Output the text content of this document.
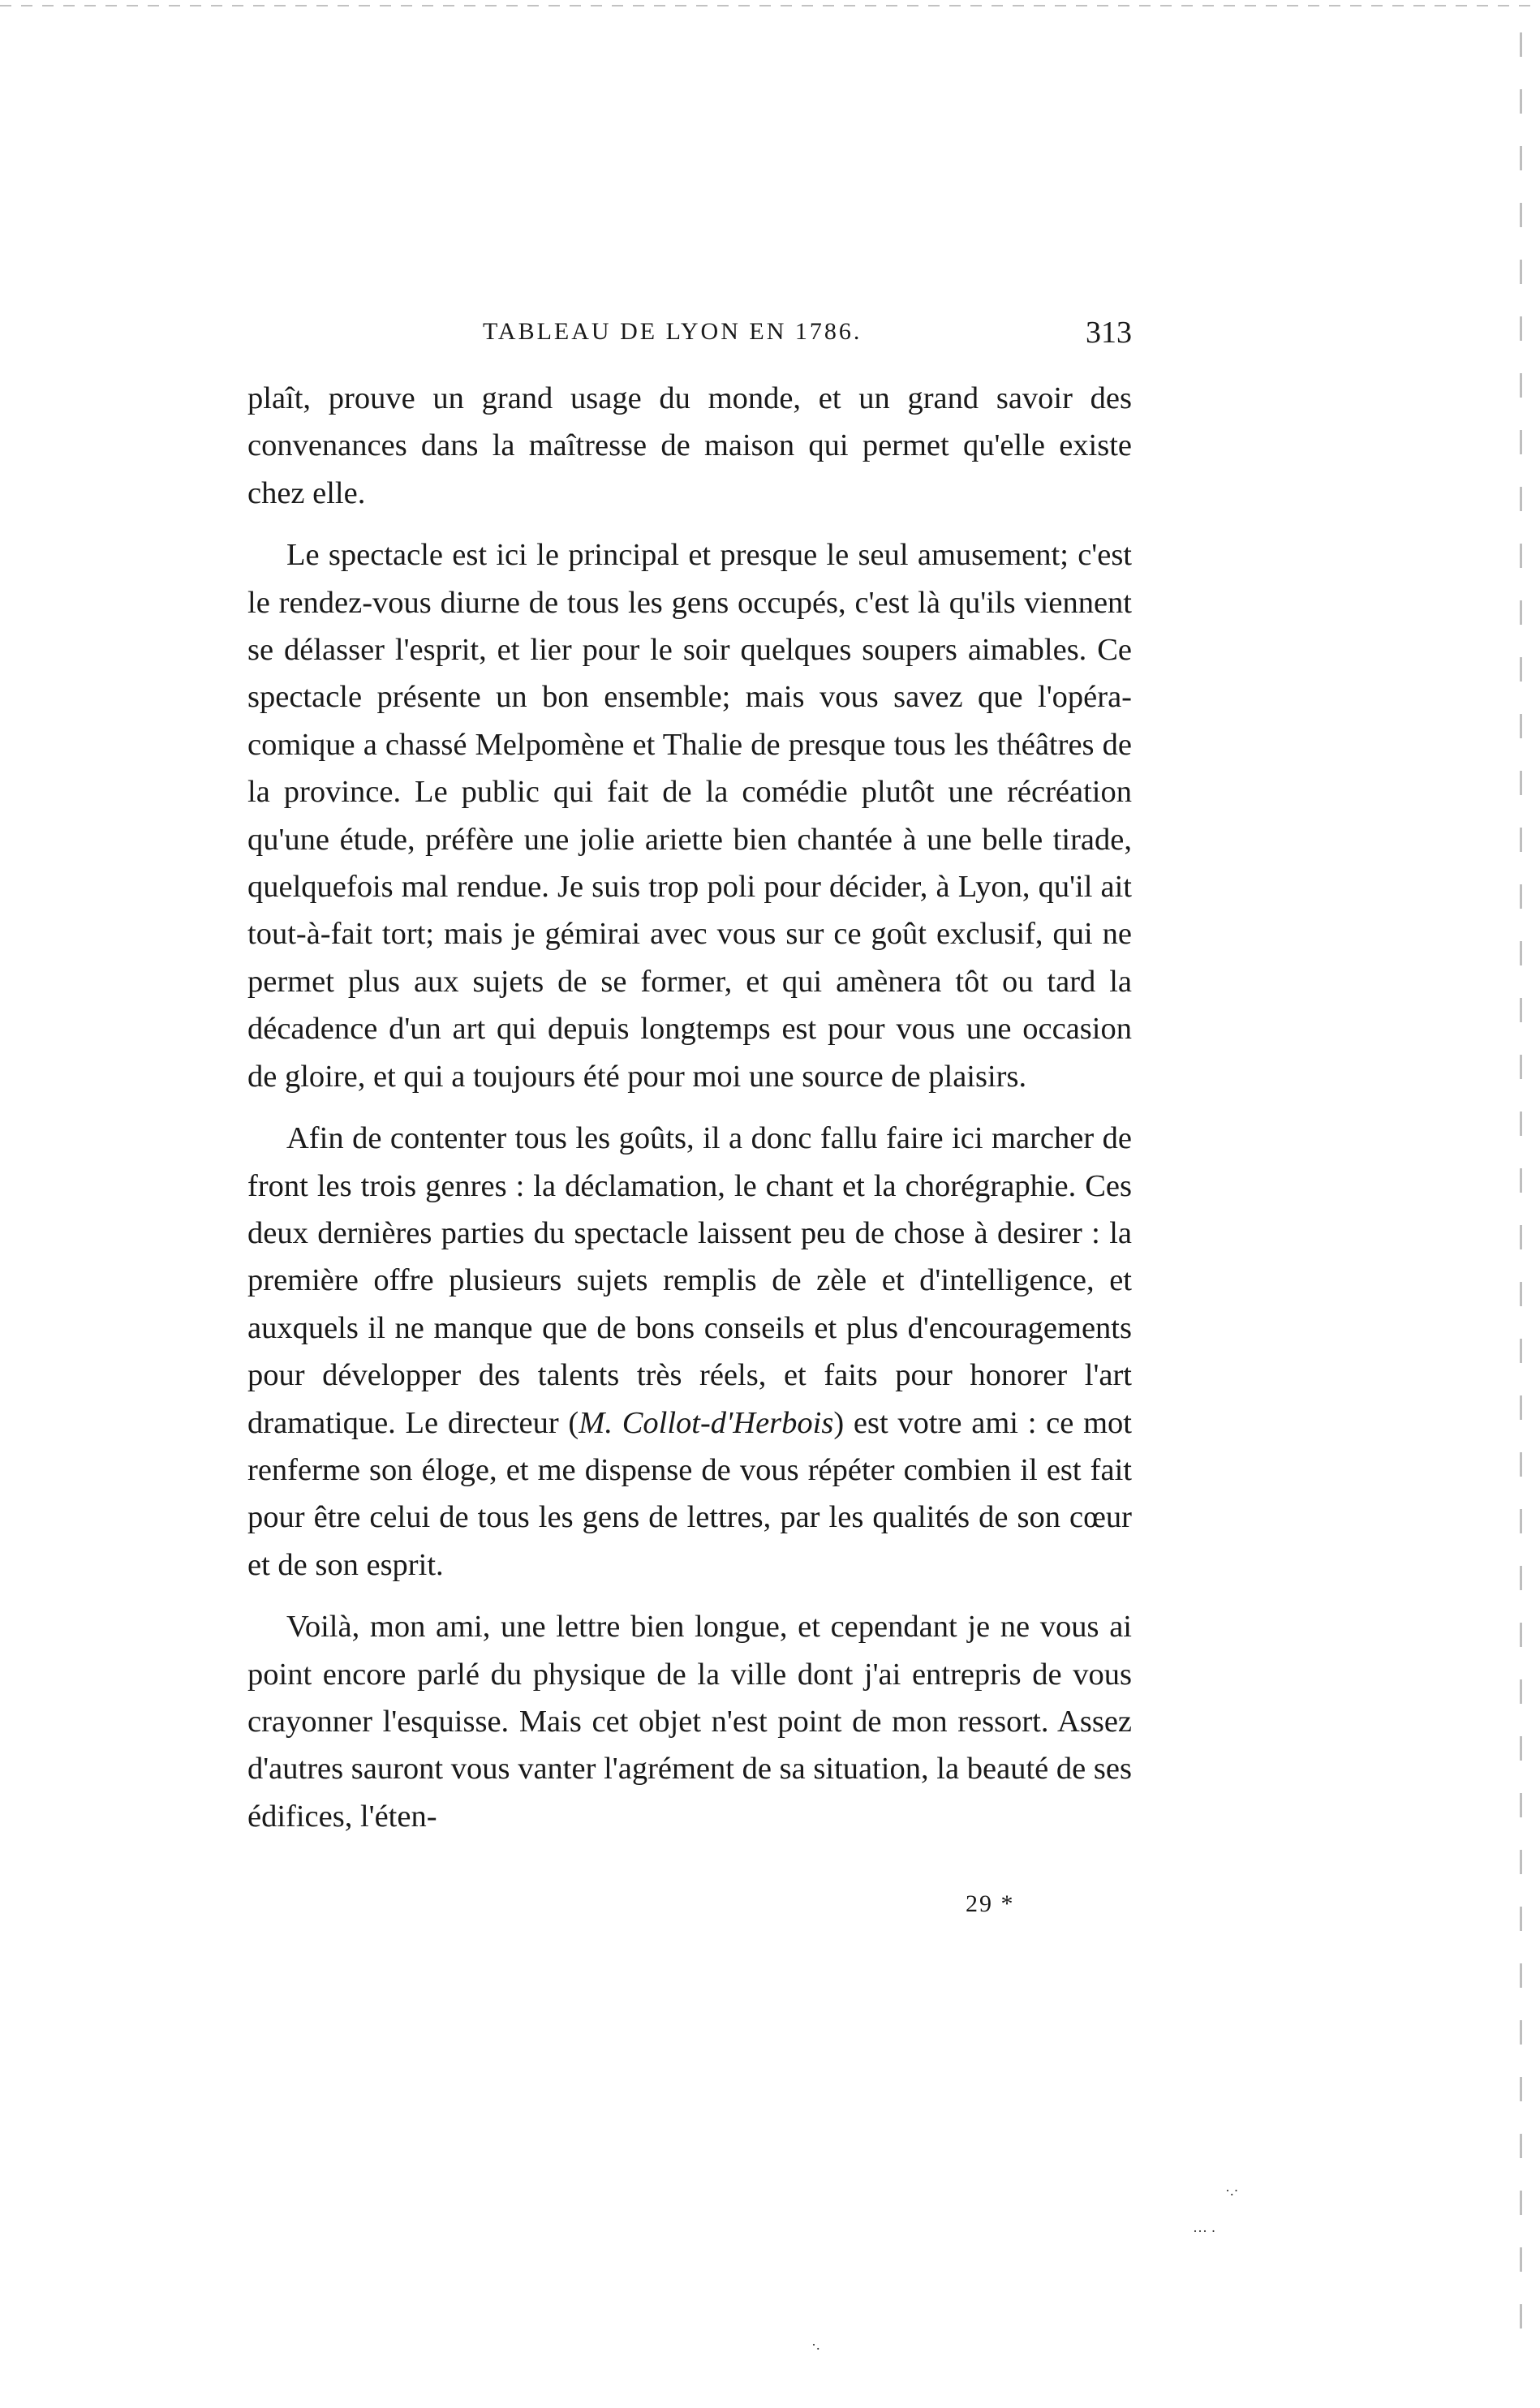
TABLEAU DE LYON EN 1786.	313

plaît, prouve un grand usage du monde, et un grand savoir des convenances dans la maîtresse de maison qui permet qu'elle existe chez elle.

Le spectacle est ici le principal et presque le seul amusement; c'est le rendez-vous diurne de tous les gens occupés, c'est là qu'ils viennent se délasser l'esprit, et lier pour le soir quelques soupers aimables. Ce spectacle présente un bon ensemble; mais vous savez que l'opéra-comique a chassé Melpomène et Thalie de presque tous les théâtres de la province. Le public qui fait de la comédie plutôt une récréation qu'une étude, préfère une jolie ariette bien chantée à une belle tirade, quelquefois mal rendue. Je suis trop poli pour décider, à Lyon, qu'il ait tout-à-fait tort; mais je gémirai avec vous sur ce goût exclusif, qui ne permet plus aux sujets de se former, et qui amènera tôt ou tard la décadence d'un art qui depuis longtemps est pour vous une occasion de gloire, et qui a toujours été pour moi une source de plaisirs.

Afin de contenter tous les goûts, il a donc fallu faire ici marcher de front les trois genres : la déclamation, le chant et la chorégraphie. Ces deux dernières parties du spectacle laissent peu de chose à desirer : la première offre plusieurs sujets remplis de zèle et d'intelligence, et auxquels il ne manque que de bons conseils et plus d'encouragements pour développer des talents très réels, et faits pour honorer l'art dramatique. Le directeur (M. Collot-d'Herbois) est votre ami : ce mot renferme son éloge, et me dispense de vous répéter combien il est fait pour être celui de tous les gens de lettres, par les qualités de son cœur et de son esprit.

Voilà, mon ami, une lettre bien longue, et cependant je ne vous ai point encore parlé du physique de la ville dont j'ai entrepris de vous crayonner l'esquisse. Mais cet objet n'est point de mon ressort. Assez d'autres sauront vous vanter l'agrément de sa situation, la beauté de ses édifices, l'éten-

29 *
·.·
··· ·
·.
